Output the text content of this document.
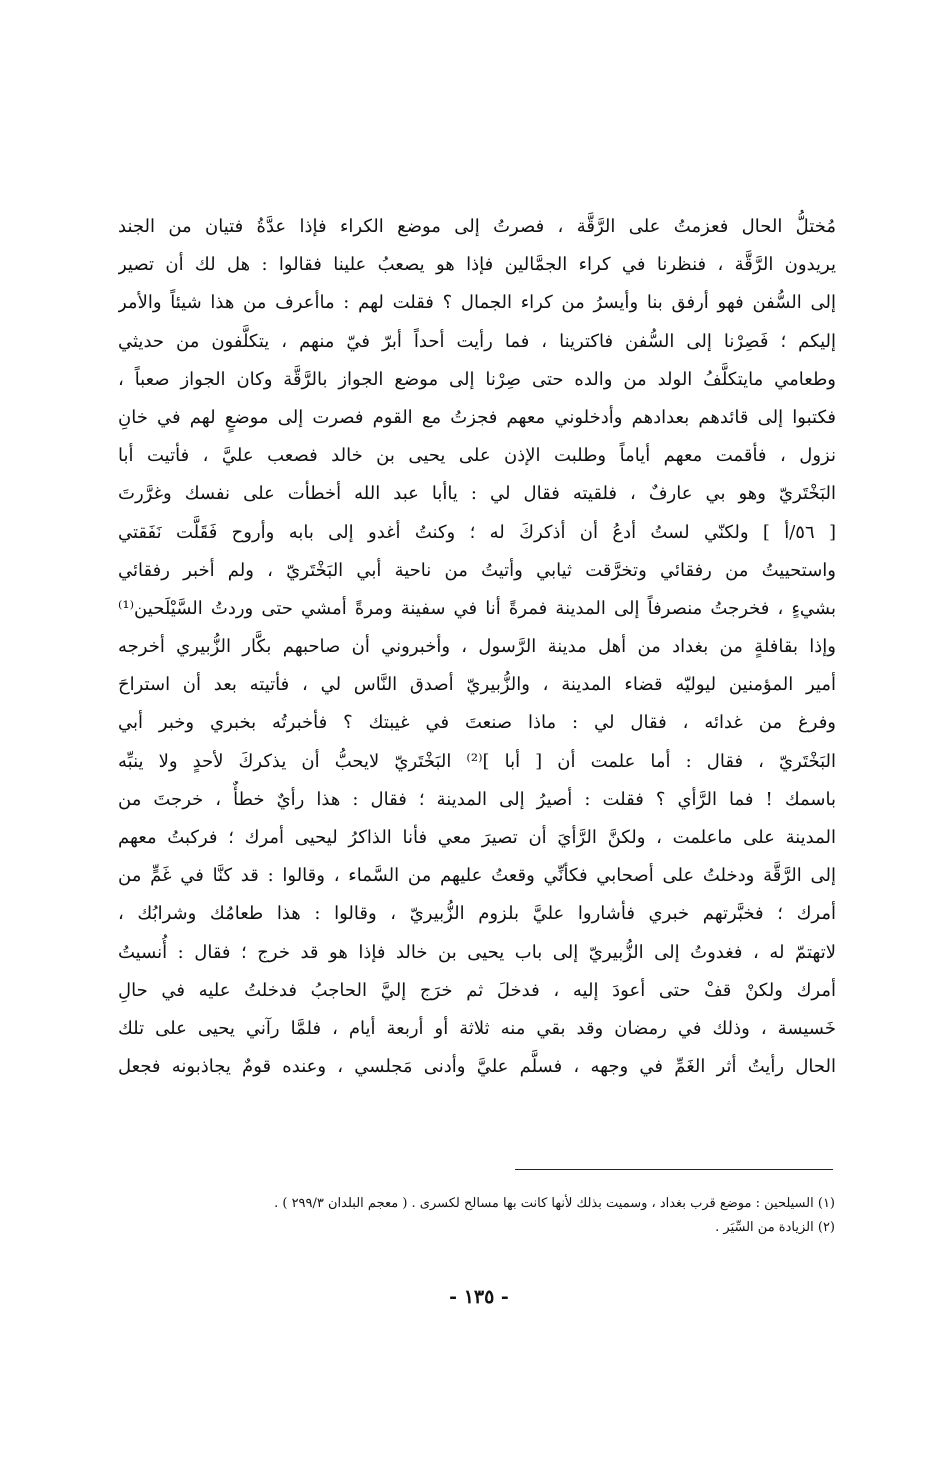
مُختلُّ الحال فعزمتُ على الرَّقَّة ، فصرتُ إلى موضع الكراء فإذا عدَّةُ فتيان من الجند
يريدون الرَّقَّة ، فنظرنا في كراء الجمَّالين فإذا هو يصعبُ علينا فقالوا : هل لك أن تصير
إلى السُّفن فهو أرفق بنا وأيسرُ من كراء الجمال ؟ فقلت لهم : ماأعرف من هذا شيئاً والأمر
إليكم ؛ فَصِرْنا إلى السُّفن فاكترينا ، فما رأيت أحداً أبرّ فيّ منهم ، يتكلَّفون من حديثي
وطعامي مايتكلَّفُ الولد من والده حتى صِرْنا إلى موضع الجواز بالرَّقَّة وكان الجواز صعباً ،
فكتبوا إلى قائدهم بعدادهم وأدخلوني معهم فجزتُ مع القوم فصرت إلى موضعٍ لهم في خانِ
نزول ، فأقمت معهم أياماً وطلبت الإذن على يحيى بن خالد فصعب عليَّ ، فأتيت أبا
البَخْتَريّ وهو بي عارفٌ ، فلقيته فقال لي : ياأبا عبد الله أخطأت على نفسك وغرَّرتَ
[ ٥٦/أ ] ولكنّي لستُ أدعُ أن أذكركَ له ؛ وكنتُ أغدو إلى بابه وأروح فَقَلَّت نَفَقتي
واستحييتُ من رفقائي وتخرَّقت ثيابي وأتيتُ من ناحية أبي البَخْتَريّ ، ولم أخبر رفقائي
بشيءٍ ، فخرجتُ منصرفاً إلى المدينة فمرةً أنا في سفينة ومرةً أمشي حتى وردتُ السَّيْلَحين⁽¹⁾
وإذا بقافلةٍ من بغداد من أهل مدينة الرَّسول ، وأخبروني أن صاحبهم بكَّار الزُّبيري أخرجه
أمير المؤمنين ليوليّه قضاء المدينة ، والزُّبيريّ أصدق النَّاس لي ، فأتيته بعد أن استراحَ
وفرغ من غدائه ، فقال لي : ماذا صنعتَ في غيبتك ؟ فأخبرتُه بخبري وخبر أبي
البَخْتَريّ ، فقال : أما علمت أن [ أبا ]⁽²⁾ البَخْتَريّ لايحبُّ أن يذكركَ لأحدٍ ولا ينبِّه
باسمك ! فما الرَّأي ؟ فقلت : أصيرُ إلى المدينة ؛ فقال : هذا رأيٌ خطأٌ ، خرجتَ من
المدينة على ماعلمت ، ولكنَّ الرَّأيَ أن تصيرَ معي فأنا الذاكرُ ليحيى أمرك ؛ فركبتُ معهم
إلى الرَّقَّة ودخلتُ على أصحابي فكأنِّي وقعتُ عليهم من السَّماء ، وقالوا : قد كنَّا في غَمٍّ من
أمرك ؛ فخبَّرتهم خبري فأشاروا عليَّ بلزوم الزُّبيريّ ، وقالوا : هذا طعامُك وشرابُك ،
لاتهتمّ له ، فغدوتُ إلى الزُّبيريّ إلى باب يحيى بن خالد فإذا هو قد خرج ؛ فقال : أُنسيتُ
أمرك ولكنْ قفْ حتى أعودَ إليه ، فدخلَ ثم خرَج إليَّ الحاجبُ فدخلتُ عليه في حالِ
خَسيسة ، وذلك في رمضان وقد بقي منه ثلاثة أو أربعة أيام ، فلمَّا رآني يحيى على تلك
الحال رأيتُ أثر الغَمِّ في وجهه ، فسلَّم عليَّ وأدنى مَجلسي ، وعنده قومٌ يجاذبونه فجعل
(١) السيلحين : موضع قرب بغداد ، وسميت بذلك لأنها كانت بها مسالح لكسرى . ( معجم البلدان ٢٩٩/٣ ) .
(٢) الزيادة من السِّيَر .
- ١٣٥ -
